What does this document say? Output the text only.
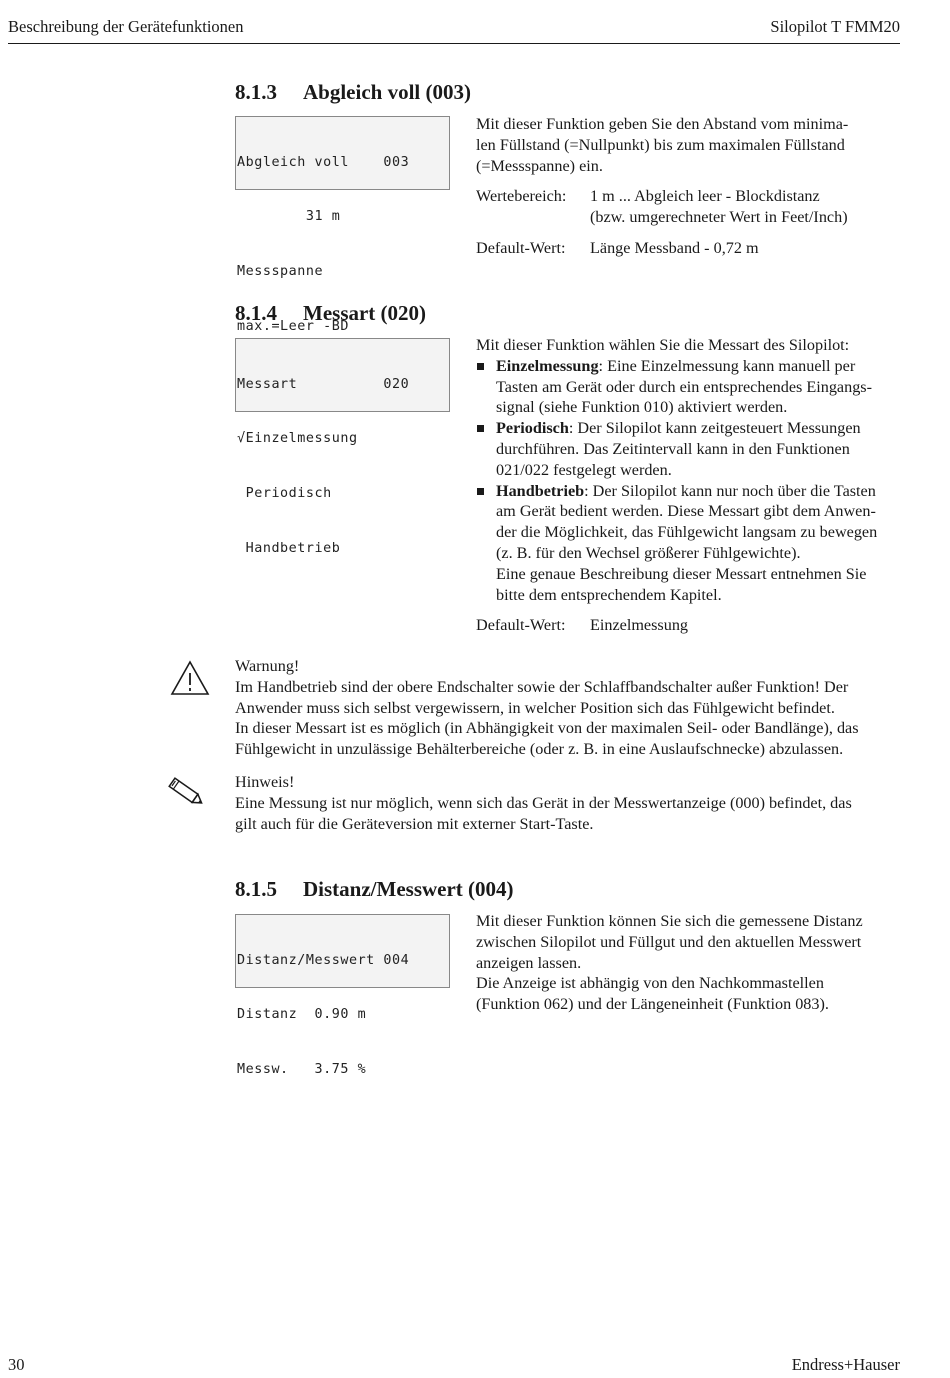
Beschreibung der Gerätefunktionen	Silopilot T FMM20
8.1.3 Abgleich voll (003)

Abgleich voll    003

31 m

Messspanne

max.=Leer -BD

Mit dieser Funktion geben Sie den Abstand vom minima-
len Füllstand (=Nullpunkt) bis zum maximalen Füllstand
(=Messspanne) ein.
Wertebereich: 1 m ... Abgleich leer - Blockdistanz
(bzw. umgerechneter Wert in Feet/Inch)
Default-Wert: Länge Messband - 0,72 m
8.1.4 Messart (020)

Messart          020

√Einzelmessung

Periodisch

Handbetrieb

Mit dieser Funktion wählen Sie die Messart des Silopilot:
Einzelmessung: Eine Einzelmessung kann manuell per
Tasten am Gerät oder durch ein entsprechendes Eingangs-
signal (siehe Funktion 010) aktiviert werden.
Periodisch: Der Silopilot kann zeitgesteuert Messungen
durchführen. Das Zeitintervall kann in den Funktionen
021/022 festgelegt werden.
Handbetrieb: Der Silopilot kann nur noch über die Tasten
am Gerät bedient werden. Diese Messart gibt dem Anwen-
der die Möglichkeit, das Fühlgewicht langsam zu bewegen
(z. B. für den Wechsel größerer Fühlgewichte).
Eine genaue Beschreibung dieser Messart entnehmen Sie
bitte dem entsprechendem Kapitel.
Default-Wert: Einzelmessung
Warnung!
Im Handbetrieb sind der obere Endschalter sowie der Schlaffbandschalter außer Funktion! Der
Anwender muss sich selbst vergewissern, in welcher Position sich das Fühlgewicht befindet.
In dieser Messart ist es möglich (in Abhängigkeit von der maximalen Seil- oder Bandlänge), das
Fühlgewicht in unzulässige Behälterbereiche (oder z. B. in eine Auslaufschnecke) abzulassen.
Hinweis!
Eine Messung ist nur möglich, wenn sich das Gerät in der Messwertanzeige (000) befindet, das
gilt auch für die Geräteversion mit externer Start-Taste.
8.1.5 Distanz/Messwert (004)

Distanz/Messwert 004

Distanz  0.90 m

Messw.   3.75 %

Mit dieser Funktion können Sie sich die gemessene Distanz
zwischen Silopilot und Füllgut und den aktuellen Messwert
anzeigen lassen.
Die Anzeige ist abhängig von den Nachkommastellen
(Funktion 062) und der Längeneinheit (Funktion 083).
30	Endress+Hauser
